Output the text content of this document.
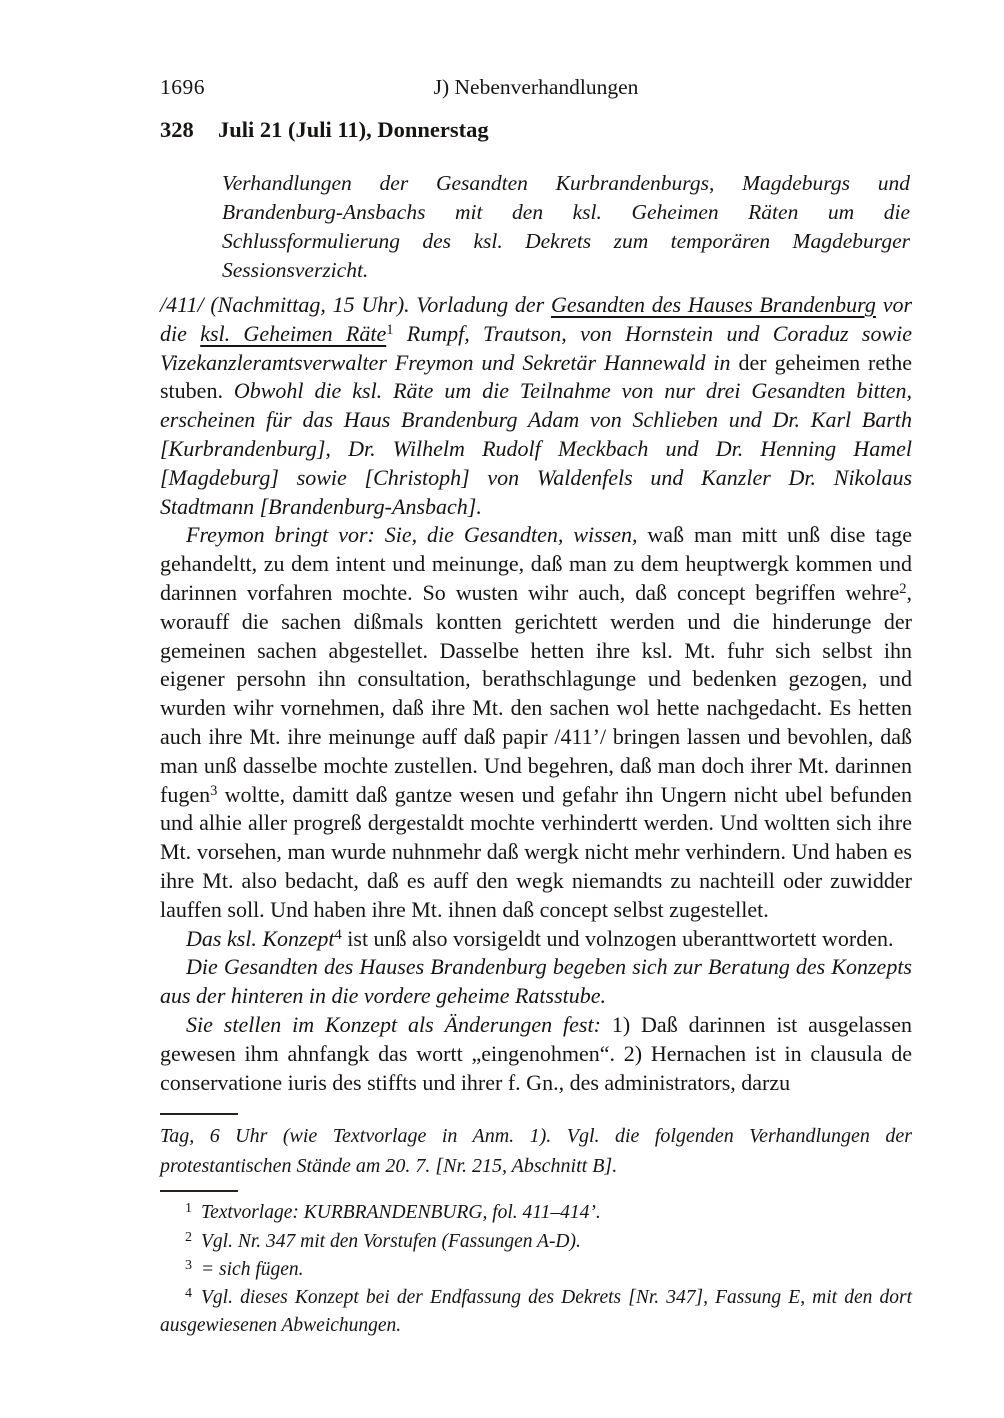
1696	J) Nebenverhandlungen
328	Juli 21 (Juli 11), Donnerstag
Verhandlungen der Gesandten Kurbrandenburgs, Magdeburgs und Brandenburg-Ansbachs mit den ksl. Geheimen Räten um die Schlussformulierung des ksl. Dekrets zum temporären Magdeburger Sessionsverzicht.

/411/ (Nachmittag, 15 Uhr). Vorladung der Gesandten des Hauses Brandenburg vor die ksl. Geheimen Räte$^1$ Rumpf, Trautson, von Hornstein und Coraduz sowie Vizekanzleramtsverwalter Freymon und Sekretär Hannewald in der geheimen rethe stuben. Obwohl die ksl. Räte um die Teilnahme von nur drei Gesandten bitten, erscheinen für das Haus Brandenburg Adam von Schlieben und Dr. Karl Barth [Kurbrandenburg], Dr. Wilhelm Rudolf Meckbach und Dr. Henning Hamel [Magdeburg] sowie [Christoph] von Waldenfels und Kanzler Dr. Nikolaus Stadtmann [Brandenburg-Ansbach].

Freymon bringt vor: Sie, die Gesandten, wissen, waß man mitt unß dise tage gehandeltt, zu dem intent und meinunge, daß man zu dem heuptwergk kommen und darinnen vorfahren mochte. So wusten wihr auch, daß concept begriffen wehre$^2$, worauff die sachen dißmals kontten gerichtett werden und die hinderunge der gemeinen sachen abgestellet. Dasselbe hetten ihre ksl. Mt. fuhr sich selbst ihn eigener persohn ihn consultation, berathschlagunge und bedenken gezogen, und wurden wihr vornehmen, daß ihre Mt. den sachen wol hette nachgedacht. Es hetten auch ihre Mt. ihre meinunge auff daß papir /411’/ bringen lassen und bevohlen, daß man unß dasselbe mochte zustellen. Und begehren, daß man doch ihrer Mt. darinnen fugen$^3$ woltte, damitt daß gantze wesen und gefahr ihn Ungern nicht ubel befunden und alhie aller progreß dergestaldt mochte verhindertt werden. Und woltten sich ihre Mt. vorsehen, man wurde nuhnmehr daß wergk nicht mehr verhindern. Und haben es ihre Mt. also bedacht, daß es auff den wegk niemandts zu nachteill oder zuwidder lauffen soll. Und haben ihre Mt. ihnen daß concept selbst zugestellet.

Das ksl. Konzept$^4$ ist unß also vorsigeldt und volnzogen uberanttwortett worden.

Die Gesandten des Hauses Brandenburg begeben sich zur Beratung des Konzepts aus der hinteren in die vordere geheime Ratsstube.

Sie stellen im Konzept als Änderungen fest: 1) Daß darinnen ist ausgelassen gewesen ihm ahnfangk das wortt „eingenohmen“. 2) Hernachen ist in clausula de conservatione iuris des stiffts und ihrer f. Gn., des administrators, darzu

Tag, 6 Uhr (wie Textvorlage in Anm. 1). Vgl. die folgenden Verhandlungen der protestantischen Stände am 20. 7. [Nr. 215, Abschnitt B].

$^1$ Textvorlage: KURBRANDENBURG, fol. 411–414’.

$^2$ Vgl. Nr. 347 mit den Vorstufen (Fassungen A-D).

$^3$ = sich fügen.

$^4$ Vgl. dieses Konzept bei der Endfassung des Dekrets [Nr. 347], Fassung E, mit den dort ausgewiesenen Abweichungen.
